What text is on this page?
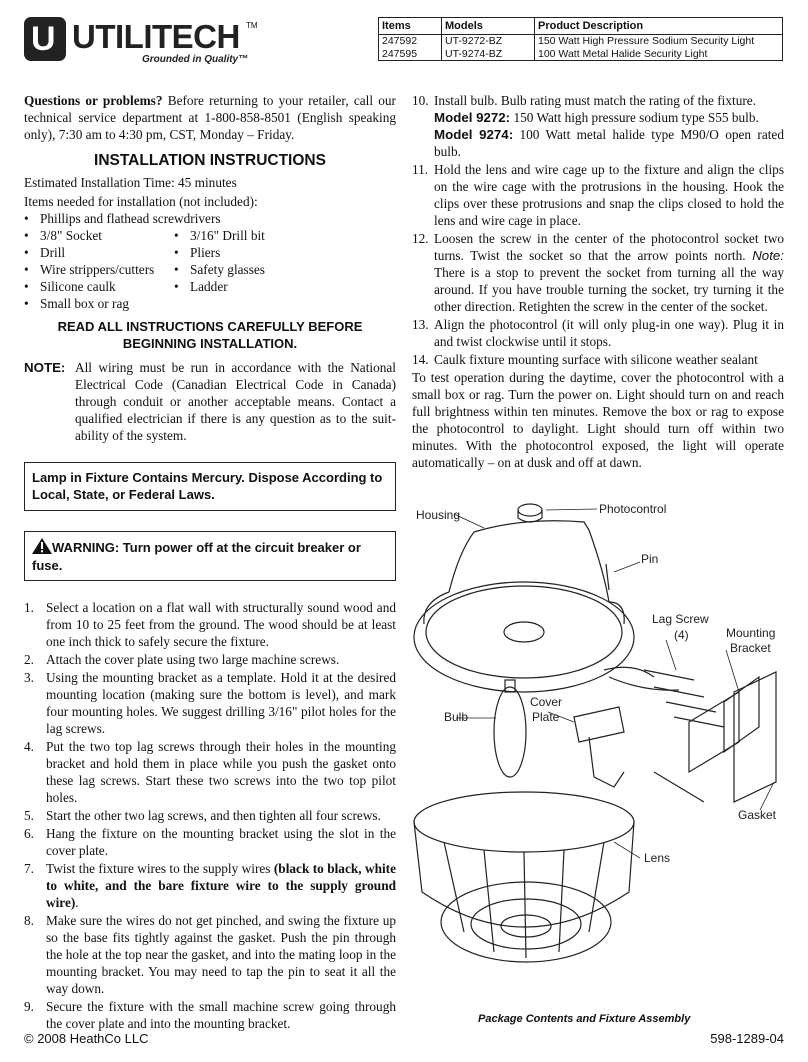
U UTILITECH TM
Grounded in Quality™
Items	Models	Product Description
247592	UT-9272-BZ	150 Watt High Pressure Sodium Security Light
247595	UT-9274-BZ	100 Watt Metal Halide Security Light

Questions or problems? Before returning to your retailer, call our technical service department at 1-800-858-8501 (English speaking only), 7:30 am to 4:30 pm, CST, Monday – Friday.

INSTALLATION INSTRUCTIONS

Estimated Installation Time: 45 minutes

Items needed for installation (not included):

• Phillips and flathead screwdrivers
• 3/8" Socket	• 3/16" Drill bit
• Drill	• Pliers
• Wire strippers/cutters	• Safety glasses
• Silicone caulk	• Ladder
• Small box or rag
READ ALL INSTRUCTIONS CAREFULLY BEFORE BEGINNING INSTALLATION.
NOTE: All wiring must be run in accordance with the National Electrical Code (Canadian Electrical Code in Canada) through conduit or another acceptable means. Contact a qualified electrician if there is any question as to the suit-ability of the system.
Lamp in Fixture Contains Mercury. Dispose According to Local, State, or Federal Laws.
WARNING: Turn power off at the circuit breaker or fuse.
1. Select a location on a flat wall with structurally sound wood and from 10 to 25 feet from the ground. The wood should be at least one inch thick to safely secure the fixture.
2. Attach the cover plate using two large machine screws.
3. Using the mounting bracket as a template. Hold it at the desired mounting location (making sure the bottom is level), and mark four mounting holes. We suggest drilling 3/16" pilot holes for the lag screws.
4. Put the two top lag screws through their holes in the mounting bracket and hold them in place while you push the gasket onto these lag screws. Start these two screws into the two top pilot holes.
5. Start the other two lag screws, and then tighten all four screws.
6. Hang the fixture on the mounting bracket using the slot in the cover plate.
7. Twist the fixture wires to the supply wires (black to black, white to white, and the bare fixture wire to the supply ground wire).
8. Make sure the wires do not get pinched, and swing the fixture up so the base fits tightly against the gasket. Push the pin through the hole at the top near the gasket, and into the mating loop in the mounting bracket. You may need to tap the pin to seat it all the way down.
9. Secure the fixture with the small machine screw going through the cover plate and into the mounting bracket.
10. Install bulb. Bulb rating must match the rating of the fixture.
Model 9272: 150 Watt high pressure sodium type S55 bulb.
Model 9274: 100 Watt metal halide type M90/O open rated bulb.
11. Hold the lens and wire cage up to the fixture and align the clips on the wire cage with the protrusions in the housing. Hook the clips over these protrusions and snap the clips closed to hold the lens and wire cage in place.
12. Loosen the screw in the center of the photocontrol socket two turns. Twist the socket so that the arrow points north. Note: There is a stop to prevent the socket from turning all the way around. If you have trouble turning the socket, try turning it the other direction. Retighten the screw in the center of the socket.
13. Align the photocontrol (it will only plug-in one way). Plug it in and twist clockwise until it stops.
14. Caulk fixture mounting surface with silicone weather sealant

To test operation during the daytime, cover the photocontrol with a small box or rag. Turn the power on. Light should turn on and reach full brightness within ten minutes. Remove the box or rag to expose the photocontrol to daylight. Light should turn off within two minutes. With the photocontrol exposed, the light will operate automatically – on at dusk and off at dawn.

Housing	Photocontrol
Pin
Lag Screw
(4)	Mounting
Bracket
Cover
Plate
Bulb
Gasket
Lens
Package Contents and Fixture Assembly
© 2008 HeathCo LLC	598-1289-04
